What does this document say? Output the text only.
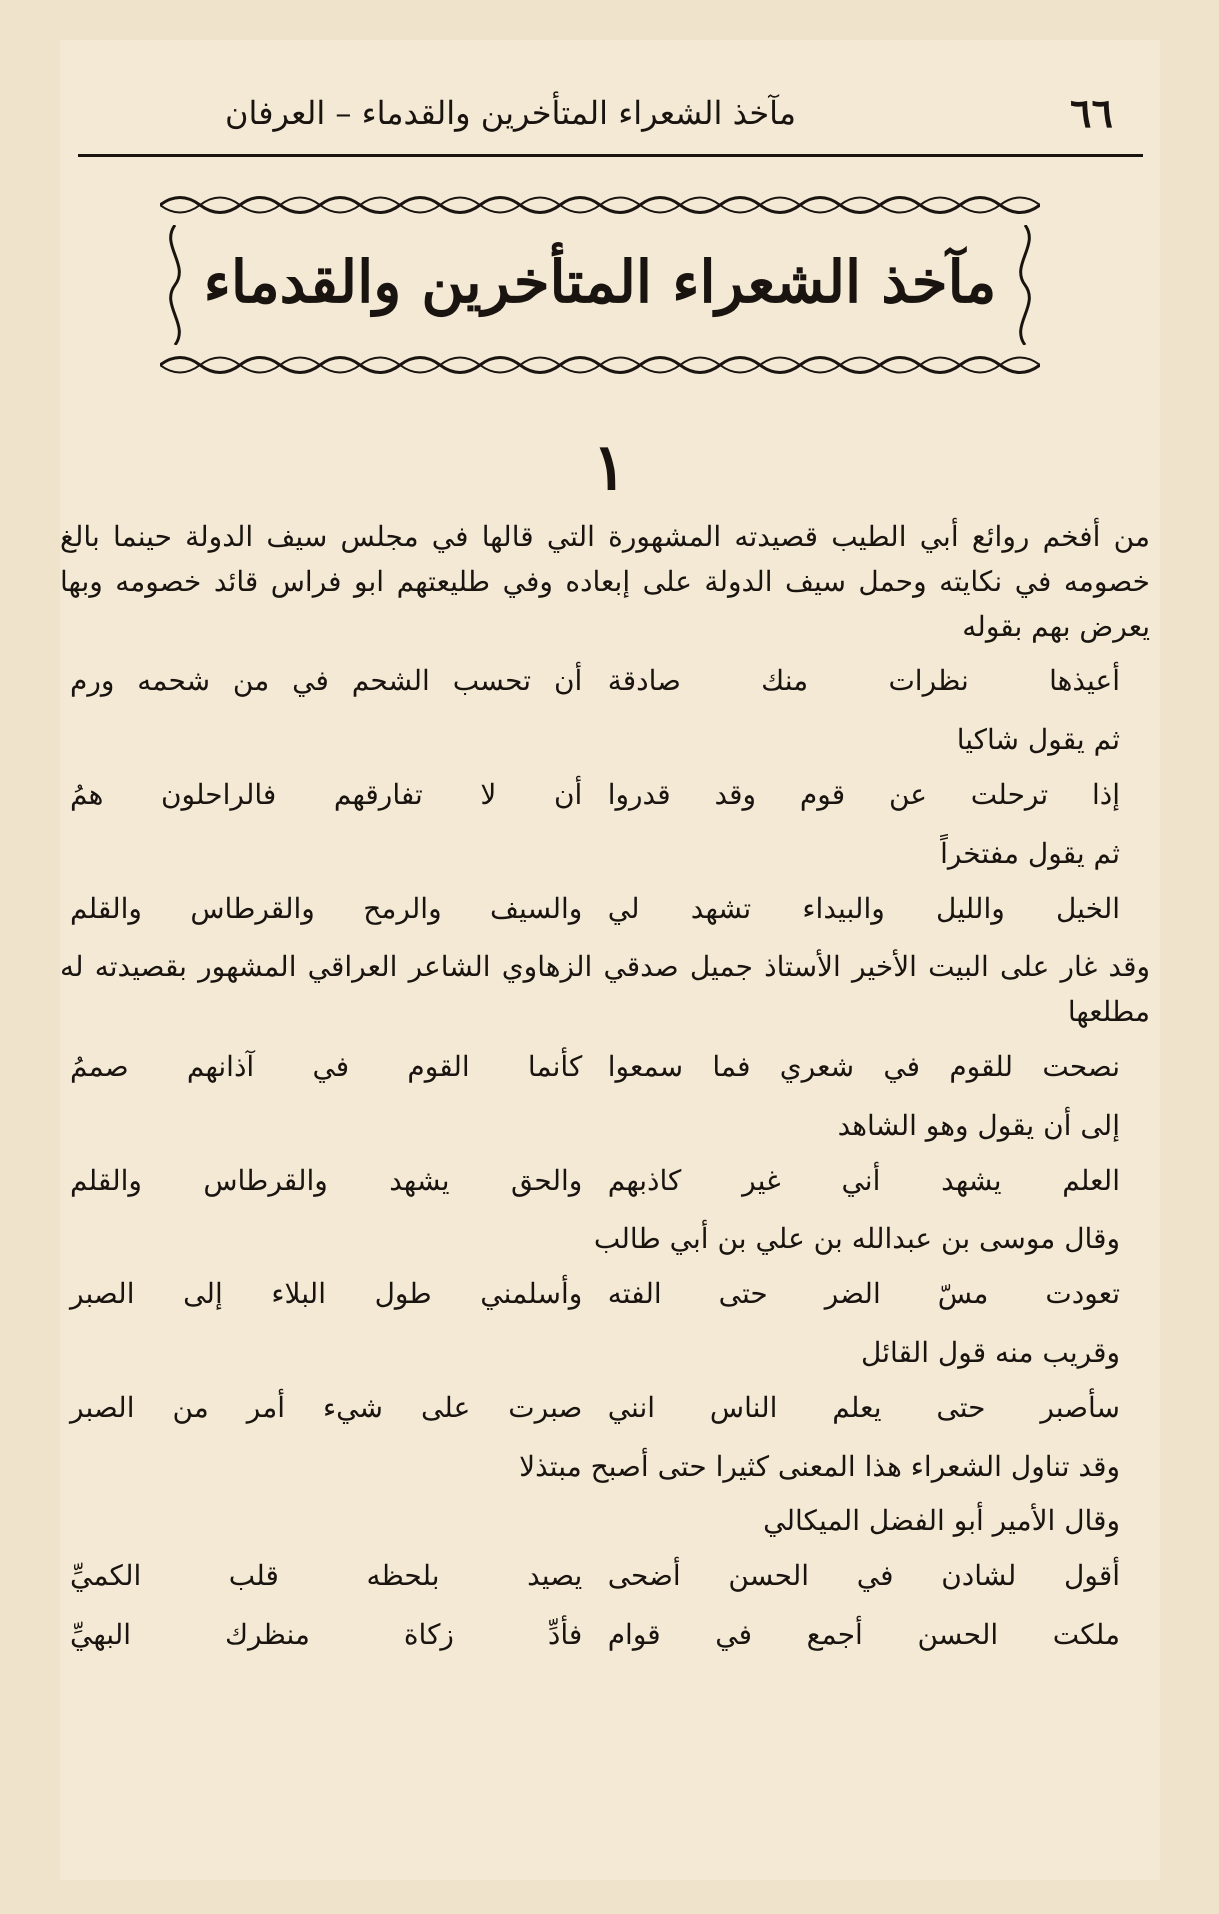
٦٦
مآخذ الشعراء المتأخرين والقدماء – العرفان
مآخذ الشعراء المتأخرين والقدماء
١

من أفخم روائع أبي الطيب قصيدته المشهورة التي قالها في مجلس سيف الدولة حينما بالغ خصومه في نكايته وحمل سيف الدولة على إبعاده وفي طليعتهم ابو فراس قائد خصومه وبها يعرض بهم بقوله

أعيذها نظرات منك صادقة
أن تحسب الشحم في من شحمه ورم

ثم يقول شاكيا

إذا ترحلت عن قوم وقد قدروا
أن لا تفارقهم فالراحلون همُ

ثم يقول مفتخراً

الخيل والليل والبيداء تشهد لي
والسيف والرمح والقرطاس والقلم

وقد غار على البيت الأخير الأستاذ جميل صدقي الزهاوي الشاعر العراقي المشهور بقصيدته له مطلعها

نصحت للقوم في شعري فما سمعوا
كأنما القوم في آذانهم صممُ

إلى أن يقول وهو الشاهد

العلم يشهد أني غير كاذبهم
والحق يشهد والقرطاس والقلم

وقال موسى بن عبدالله بن علي بن أبي طالب

تعودت مسّ الضر حتى الفته
وأسلمني طول البلاء إلى الصبر

وقريب منه قول القائل

سأصبر حتى يعلم الناس انني
صبرت على شيء أمر من الصبر

وقد تناول الشعراء هذا المعنى كثيرا حتى أصبح مبتذلا

وقال الأمير أبو الفضل الميكالي

أقول لشادن في الحسن أضحى
يصيد بلحظه قلب الكميِّ
ملكت الحسن أجمع في قوام
فأدِّ زكاة منظرك البهيِّ
